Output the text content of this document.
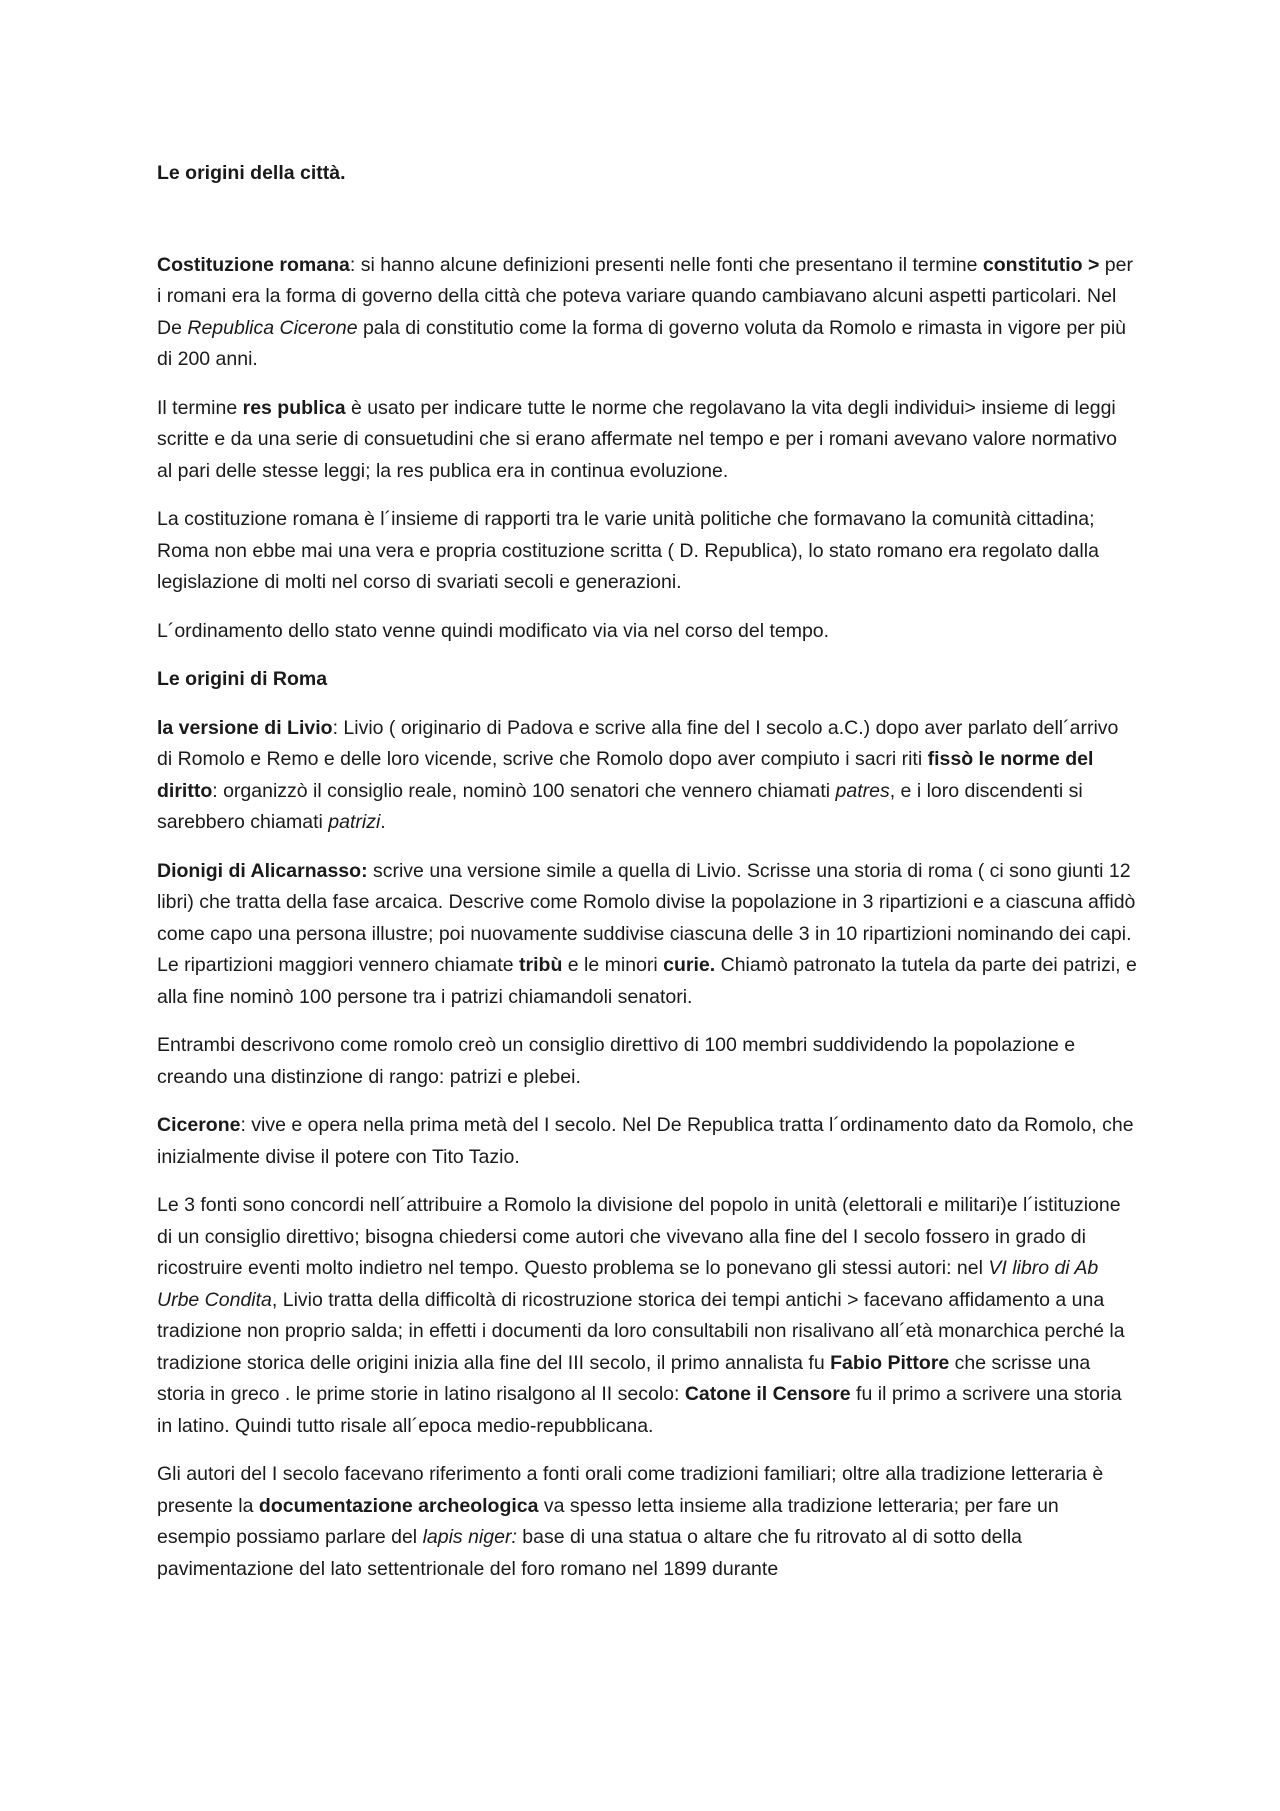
Le origini della città.

Costituzione romana: si hanno alcune definizioni presenti nelle fonti che presentano il termine constitutio > per i romani era la forma di governo della città che poteva variare quando cambiavano alcuni aspetti particolari. Nel De Republica Cicerone pala di constitutio come la forma di governo voluta da Romolo e rimasta in vigore per più di 200 anni.

Il termine res publica è usato per indicare tutte le norme che regolavano la vita degli individui> insieme di leggi scritte e da una serie di consuetudini che si erano affermate nel tempo e per i romani avevano valore normativo al pari delle stesse leggi; la res publica era in continua evoluzione.

La costituzione romana è l´insieme di rapporti tra le varie unità politiche che formavano la comunità cittadina; Roma non ebbe mai una vera e propria costituzione scritta ( D. Republica), lo stato romano era regolato dalla legislazione di molti nel corso di svariati secoli e generazioni.

L´ordinamento dello stato venne quindi modificato via via nel corso del tempo.

Le origini di Roma

la versione di Livio: Livio ( originario di Padova e scrive alla fine del I secolo a.C.) dopo aver parlato dell´arrivo di Romolo e Remo e delle loro vicende, scrive che Romolo dopo aver compiuto i sacri riti fissò le norme del diritto: organizzò il consiglio reale, nominò 100 senatori che vennero chiamati patres, e i loro discendenti si sarebbero chiamati patrizi.

Dionigi di Alicarnasso: scrive una versione simile a quella di Livio. Scrisse una storia di roma ( ci sono giunti 12 libri) che tratta della fase arcaica. Descrive come Romolo divise la popolazione in 3 ripartizioni e a ciascuna affidò come capo una persona illustre; poi nuovamente suddivise ciascuna delle 3 in 10 ripartizioni nominando dei capi. Le ripartizioni maggiori vennero chiamate tribù e le minori curie. Chiamò patronato la tutela da parte dei patrizi, e alla fine nominò 100 persone tra i patrizi chiamandoli senatori.

Entrambi descrivono come romolo creò un consiglio direttivo di 100 membri suddividendo la popolazione e creando una distinzione di rango: patrizi e plebei.

Cicerone: vive e opera nella prima metà del I secolo. Nel De Republica tratta l´ordinamento dato da Romolo, che inizialmente divise il potere con Tito Tazio.

Le 3 fonti sono concordi nell´attribuire a Romolo la divisione del popolo in unità (elettorali e militari)e l´istituzione di un consiglio direttivo; bisogna chiedersi come autori che vivevano alla fine del I secolo fossero in grado di ricostruire eventi molto indietro nel tempo. Questo problema se lo ponevano gli stessi autori: nel VI libro di Ab Urbe Condita, Livio tratta della difficoltà di ricostruzione storica dei tempi antichi > facevano affidamento a una tradizione non proprio salda; in effetti i documenti da loro consultabili non risalivano all´età monarchica perché la tradizione storica delle origini inizia alla fine del III secolo, il primo annalista fu Fabio Pittore che scrisse una storia in greco . le prime storie in latino risalgono al II secolo: Catone il Censore fu il primo a scrivere una storia in latino. Quindi tutto risale all´epoca medio-repubblicana.

Gli autori del I secolo facevano riferimento a fonti orali come tradizioni familiari; oltre alla tradizione letteraria è presente la documentazione archeologica va spesso letta insieme alla tradizione letteraria; per fare un esempio possiamo parlare del lapis niger: base di una statua o altare che fu ritrovato al di sotto della pavimentazione del lato settentrionale del foro romano nel 1899 durante
